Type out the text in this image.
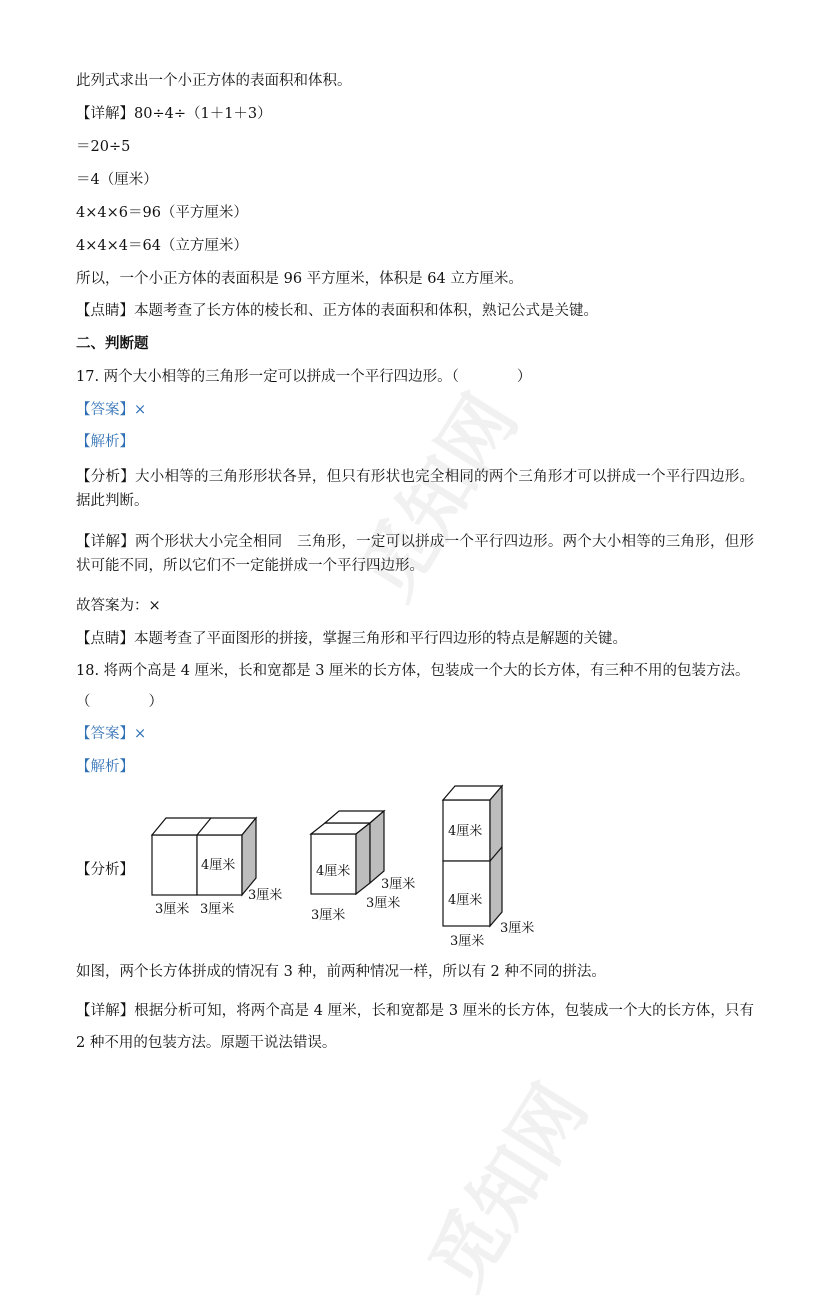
觅知网
觅知网
此列式求出一个小正方体的表面积和体积。
【详解】80÷4÷（1＋1＋3）
＝20÷5
＝4（厘米）
4×4×6＝96（平方厘米）
4×4×4＝64（立方厘米）
所以，一个小正方体的表面积是 96 平方厘米，体积是 64 立方厘米。
【点睛】本题考查了长方体的棱长和、正方体的表面积和体积，熟记公式是关键。
二、判断题
17. 两个大小相等的三角形一定可以拼成一个平行四边形。（　　　　）
【答案】×
【解析】
【分析】大小相等的三角形形状各异，但只有形状也完全相同的两个三角形才可以拼成一个平行四边形。据此判断。
【详解】两个形状大小完全相同　三角形，一定可以拼成一个平行四边形。两个大小相等的三角形，但形状可能不同，所以它们不一定能拼成一个平行四边形。
故答案为：×
【点睛】本题考查了平面图形的拼接，掌握三角形和平行四边形的特点是解题的关键。
18. 将两个高是 4 厘米，长和宽都是 3 厘米的长方体，包装成一个大的长方体，有三种不用的包装方法。
（　　　　）
【答案】×
【解析】
【分析】	4厘米
3厘米
3厘米 3厘米
4厘米
3厘米
3厘米
3厘米
4厘米
4厘米
3厘米
3厘米
如图，两个长方体拼成的情况有 3 种，前两种情况一样，所以有 2 种不同的拼法。
【详解】根据分析可知，将两个高是 4 厘米，长和宽都是 3 厘米的长方体，包装成一个大的长方体，只有 2 种不用的包装方法。原题干说法错误。
